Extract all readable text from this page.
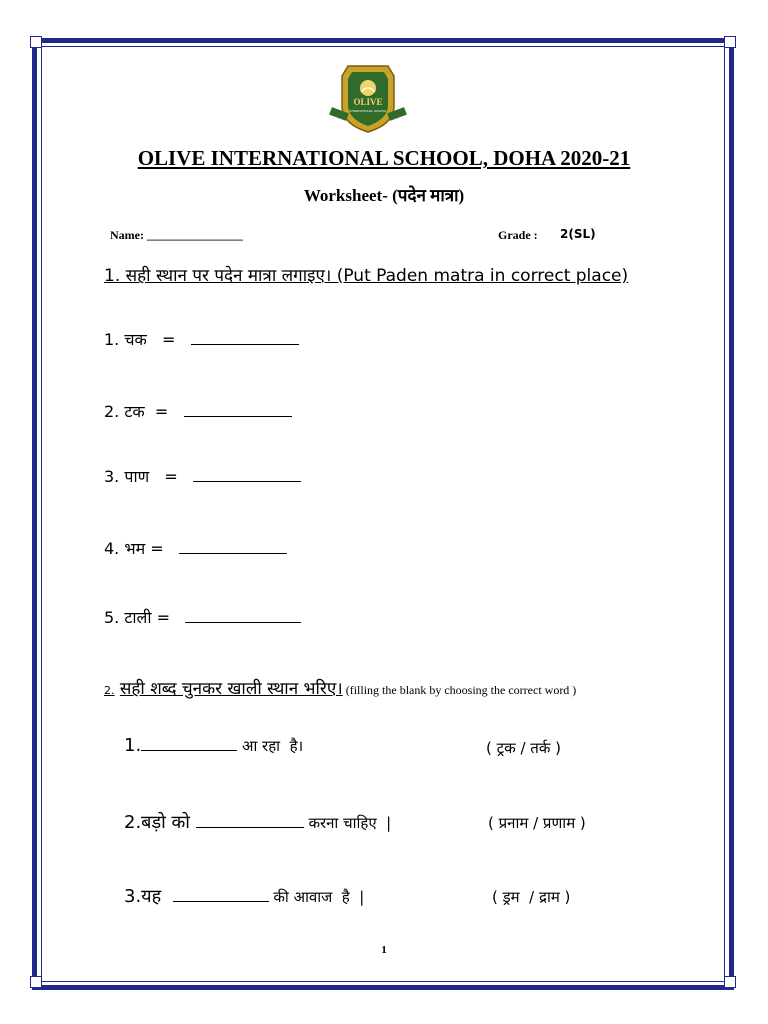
OLIVE
INTERNATIONAL SCHOOL
OLIVE INTERNATIONAL SCHOOL, DOHA 2020-21
Worksheet- (पदेन मात्रा)
Name: ________________	Grade : 2(SL)
1. सही स्थान पर पदेन मात्रा लगाइए। (Put Paden matra in correct place)
1. चक   =
2. टक  =
3. पाण   =
4. भम =
5. टाली =
2. सही शब्द चुनकर खाली स्थान भरिए। (filling the blank by choosing the correct word )
1.	आ रहा  है।	( ट्रक / तर्क )
2.बड़ो को	करना चाहिए  |	( प्रनाम / प्रणाम )
3.यह	की आवाज  है  |	( ड्रम  / द्राम )
1
